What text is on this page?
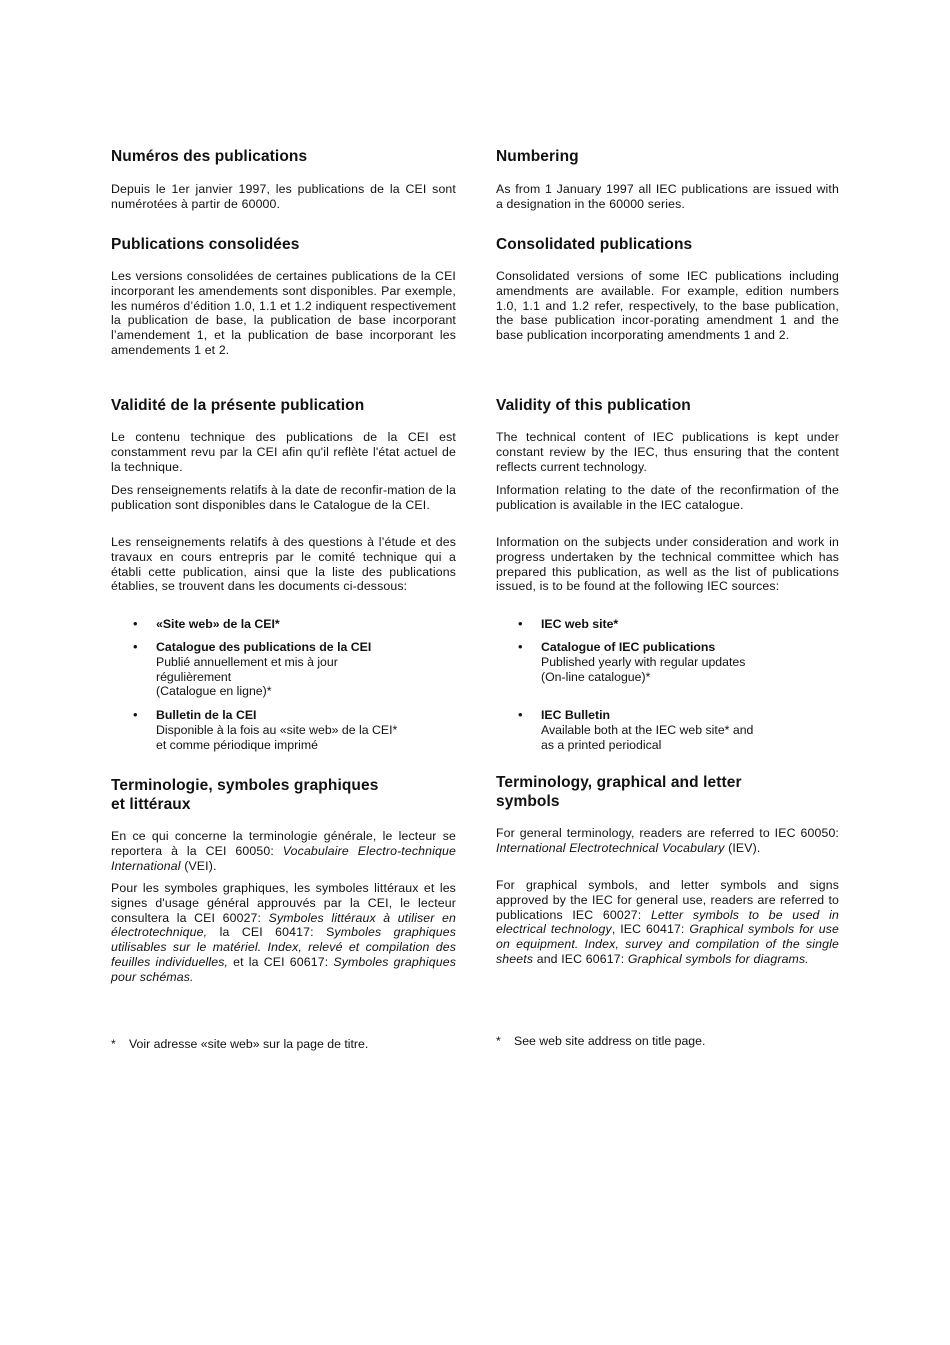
Numéros des publications

Depuis le 1er janvier 1997, les publications de la CEI sont numérotées à partir de 60000.

Publications consolidées

Les versions consolidées de certaines publications de la CEI incorporant les amendements sont disponibles. Par exemple, les numéros d’édition 1.0, 1.1 et 1.2 indiquent respectivement la publication de base, la publication de base incorporant l’amendement 1, et la publication de base incorporant les amendements 1 et 2.

Validité de la présente publication

Le contenu technique des publications de la CEI est constamment revu par la CEI afin qu'il reflète l'état actuel de la technique.

Des renseignements relatifs à la date de reconfir-mation de la publication sont disponibles dans le Catalogue de la CEI.

Les renseignements relatifs à des questions à l’étude et des travaux en cours entrepris par le comité technique qui a établi cette publication, ainsi que la liste des publications établies, se trouvent dans les documents ci-dessous:

• «Site web» de la CEI*
• Catalogue des publications de la CEI
Publié annuellement et mis à jour
régulièrement
(Catalogue en ligne)*
• Bulletin de la CEI
Disponible à la fois au «site web» de la CEI*
et comme périodique imprimé
Terminologie, symboles graphiques
et littéraux

En ce qui concerne la terminologie générale, le lecteur se reportera à la CEI 60050: Vocabulaire Electro-technique International (VEI).

Pour les symboles graphiques, les symboles littéraux et les signes d'usage général approuvés par la CEI, le lecteur consultera la CEI 60027: Symboles littéraux à utiliser en électrotechnique, la CEI 60417: Symboles graphiques utilisables sur le matériel. Index, relevé et compilation des feuilles individuelles, et la CEI 60617: Symboles graphiques pour schémas.

* Voir adresse «site web» sur la page de titre.
Numbering

As from 1 January 1997 all IEC publications are issued with a designation in the 60000 series.

Consolidated publications

Consolidated versions of some IEC publications including amendments are available. For example, edition numbers 1.0, 1.1 and 1.2 refer, respectively, to the base publication, the base publication incor-porating amendment 1 and the base publication incorporating amendments 1 and 2.

Validity of this publication

The technical content of IEC publications is kept under constant review by the IEC, thus ensuring that the content reflects current technology.

Information relating to the date of the reconfirmation of the publication is available in the IEC catalogue.

Information on the subjects under consideration and work in progress undertaken by the technical committee which has prepared this publication, as well as the list of publications issued, is to be found at the following IEC sources:

• IEC web site*
• Catalogue of IEC publications
Published yearly with regular updates
(On-line catalogue)*
• IEC Bulletin
Available both at the IEC web site* and
as a printed periodical
Terminology, graphical and letter
symbols

For general terminology, readers are referred to IEC 60050: International Electrotechnical Vocabulary (IEV).

For graphical symbols, and letter symbols and signs approved by the IEC for general use, readers are referred to publications IEC 60027: Letter symbols to be used in electrical technology, IEC 60417: Graphical symbols for use on equipment. Index, survey and compilation of the single sheets and IEC 60617: Graphical symbols for diagrams.

* See web site address on title page.
